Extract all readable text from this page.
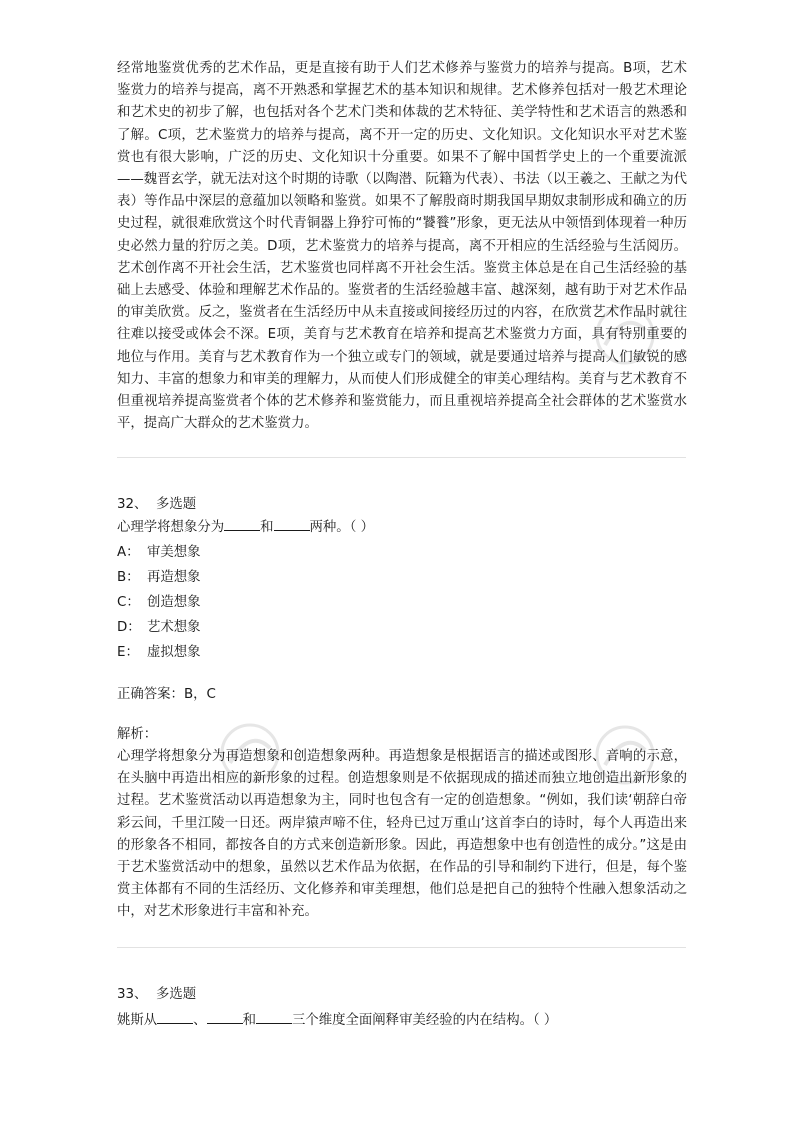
经常地鉴赏优秀的艺术作品，更是直接有助于人们艺术修养与鉴赏力的培养与提高。B项，艺术鉴赏力的培养与提高，离不开熟悉和掌握艺术的基本知识和规律。艺术修养包括对一般艺术理论和艺术史的初步了解，也包括对各个艺术门类和体裁的艺术特征、美学特性和艺术语言的熟悉和了解。C项，艺术鉴赏力的培养与提高，离不开一定的历史、文化知识。文化知识水平对艺术鉴赏也有很大影响，广泛的历史、文化知识十分重要。如果不了解中国哲学史上的一个重要流派——魏晋玄学，就无法对这个时期的诗歌（以陶潜、阮籍为代表）、书法（以王羲之、王献之为代表）等作品中深层的意蕴加以领略和鉴赏。如果不了解殷商时期我国早期奴隶制形成和确立的历史过程，就很难欣赏这个时代青铜器上狰狞可怖的“饕餮”形象，更无法从中领悟到体现着一种历史必然力量的狞厉之美。D项，艺术鉴赏力的培养与提高，离不开相应的生活经验与生活阅历。艺术创作离不开社会生活，艺术鉴赏也同样离不开社会生活。鉴赏主体总是在自己生活经验的基础上去感受、体验和理解艺术作品的。鉴赏者的生活经验越丰富、越深刻，越有助于对艺术作品的审美欣赏。反之，鉴赏者在生活经历中从未直接或间接经历过的内容，在欣赏艺术作品时就往往难以接受或体会不深。E项，美育与艺术教育在培养和提高艺术鉴赏力方面，具有特别重要的地位与作用。美育与艺术教育作为一个独立或专门的领域，就是要通过培养与提高人们敏锐的感知力、丰富的想象力和审美的理解力，从而使人们形成健全的审美心理结构。美育与艺术教育不但重视培养提高鉴赏者个体的艺术修养和鉴赏能力，而且重视培养提高全社会群体的艺术鉴赏水平，提高广大群众的艺术鉴赏力。

32、 多选题
心理学将想象分为	和	两种。（ ）
A： 审美想象
B： 再造想象
C： 创造想象
D： 艺术想象
E： 虚拟想象
正确答案：B，C
解析：

心理学将想象分为再造想象和创造想象两种。再造想象是根据语言的描述或图形、音响的示意，在头脑中再造出相应的新形象的过程。创造想象则是不依据现成的描述而独立地创造出新形象的过程。艺术鉴赏活动以再造想象为主，同时也包含有一定的创造想象。“例如，我们读‘朝辞白帝彩云间，千里江陵一日还。两岸猿声啼不住，轻舟已过万重山’这首李白的诗时，每个人再造出来的形象各不相同，都按各自的方式来创造新形象。因此，再造想象中也有创造性的成分。”这是由于艺术鉴赏活动中的想象，虽然以艺术作品为依据，在作品的引导和制约下进行，但是，每个鉴赏主体都有不同的生活经历、文化修养和审美理想，他们总是把自己的独特个性融入想象活动之中，对艺术形象进行丰富和补充。

33、 多选题
姚斯从	、	和	三个维度全面阐释审美经验的内在结构。（ ）
